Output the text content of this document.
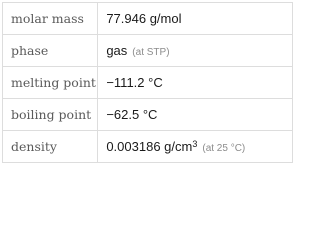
molar mass	77.946 g/mol
phase	gas (at STP)
melting point	−111.2 °C
boiling point	−62.5 °C
density	0.003186 $g/cm^3$ (at 25 °C)
